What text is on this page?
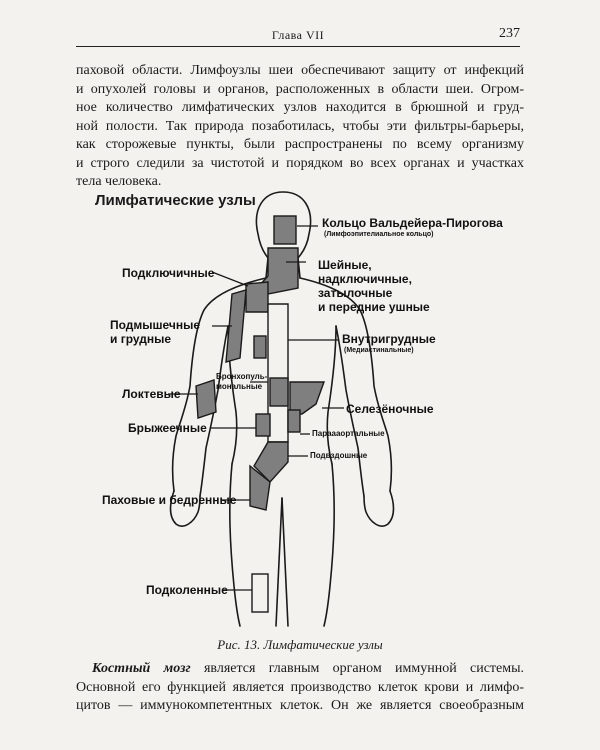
Глава VII	237
паховой области. Лимфоузлы шеи обеспечивают защиту от инфекций
и опухолей головы и органов, расположенных в области шеи. Огром-
ное количество лимфатических узлов находится в брюшной и груд-
ной полости. Так природа позаботилась, чтобы эти фильтры-барьеры,
как сторожевые пункты, были распространены по всему организму
и строго следили за чистотой и порядком во всех органах и участках
тела человека.
Лимфатические узлы
Кольцо Вальдейера-Пирогова
(Лимфоэпителиальное кольцо)
Шейные,
надключичные,
затылочные
и передние ушные
Подключичные
Подмышечные
и грудные	Внутригрудные
(Медиастинальные)
Локтевые
Бронхопуль-
мональные
Селезёночные
Брыжеечные	Параааортальные
Подвздошные
Паховые и бедренные
Подколенные
Рис. 13. Лимфатические узлы
Костный мозг является главным органом иммунной системы.
Основной его функцией является производство клеток крови и лимфо-
цитов — иммунокомпетентных клеток. Он же является своеобразным
